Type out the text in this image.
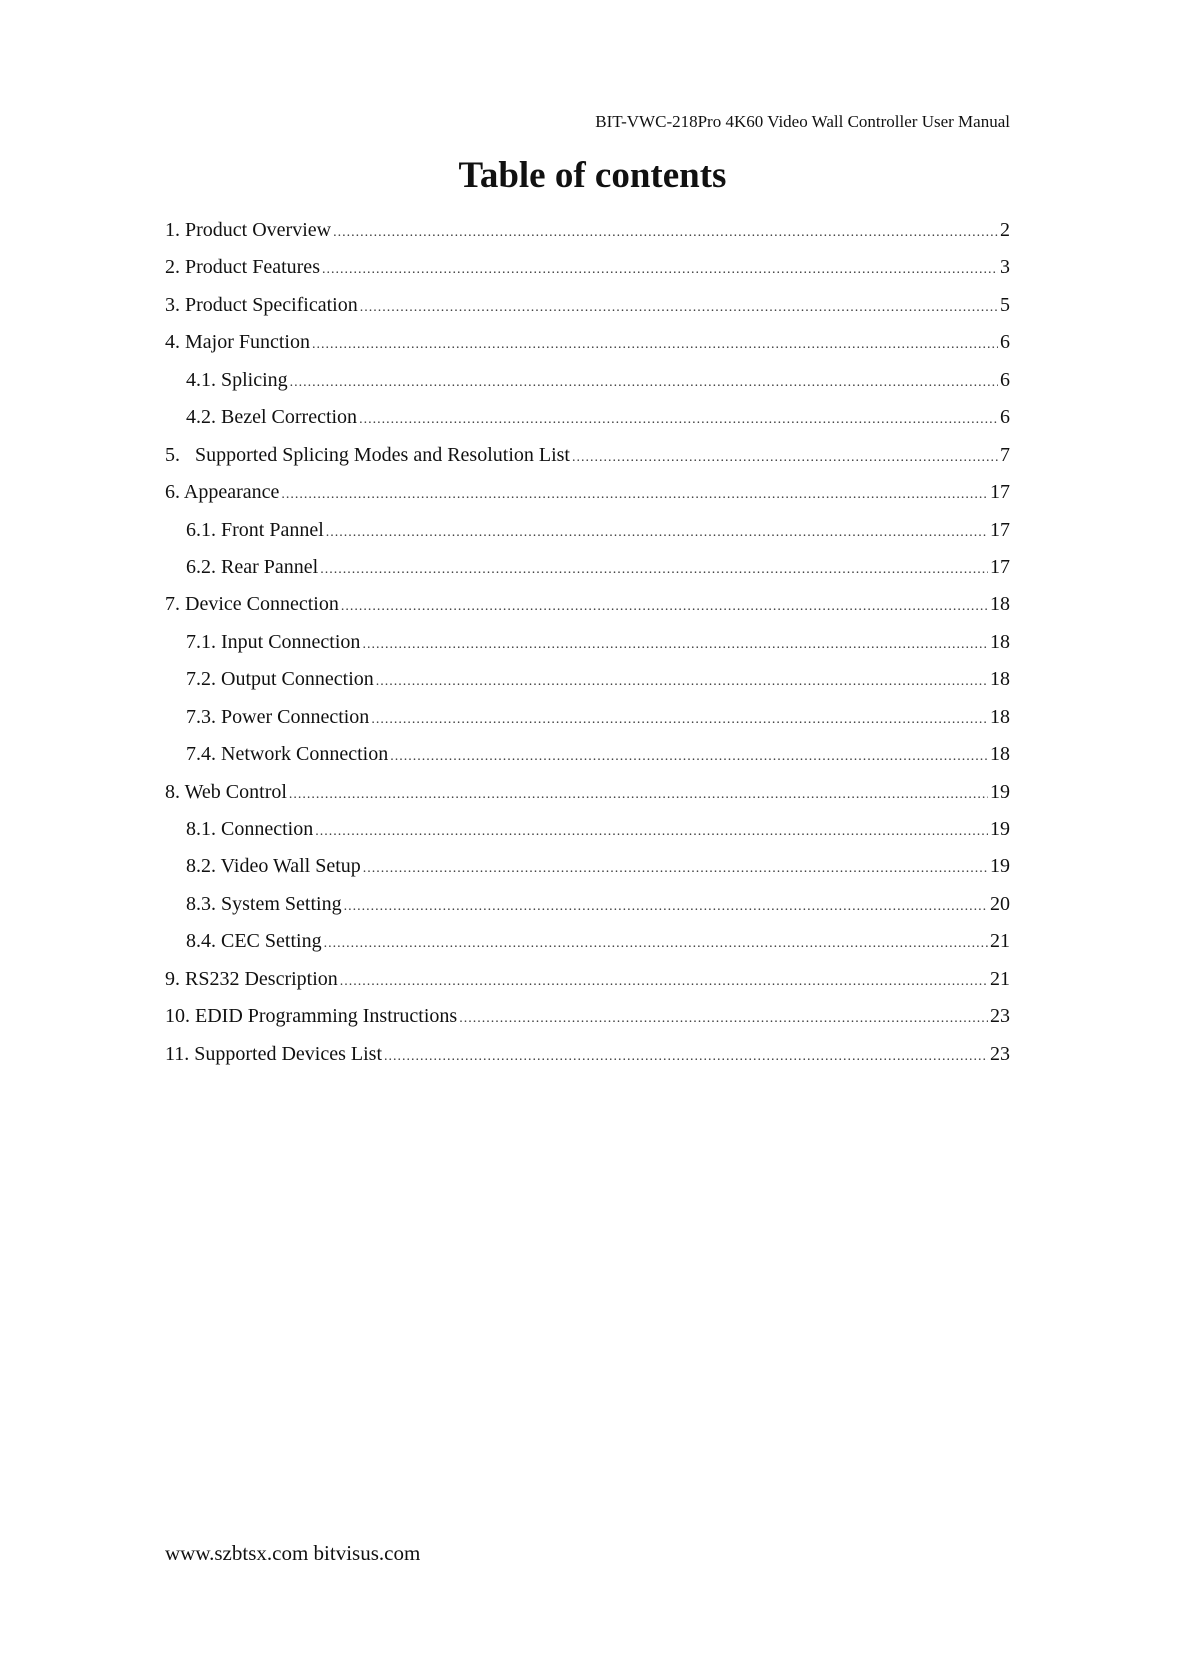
BIT-VWC-218Pro 4K60 Video Wall Controller User Manual
Table of contents
1. Product Overview .....	2
2. Product Features .....	3
3. Product Specification .....	5
4. Major Function .....	6
4.1. Splicing .....	6
4.2. Bezel Correction .....	6
5.   Supported Splicing Modes and Resolution List .....	7
6. Appearance .....	17
6.1. Front Pannel .....	17
6.2. Rear Pannel .....	17
7. Device Connection .....	18
7.1. Input Connection .....	18
7.2. Output Connection .....	18
7.3. Power Connection .....	18
7.4. Network Connection .....	18
8. Web Control .....	19
8.1. Connection .....	19
8.2. Video Wall Setup .....	19
8.3. System Setting .....	20
8.4. CEC Setting .....	21
9. RS232 Description .....	21
10. EDID Programming Instructions .....	23
11. Supported Devices List .....	23
www.szbtsx.com bitvisus.com
